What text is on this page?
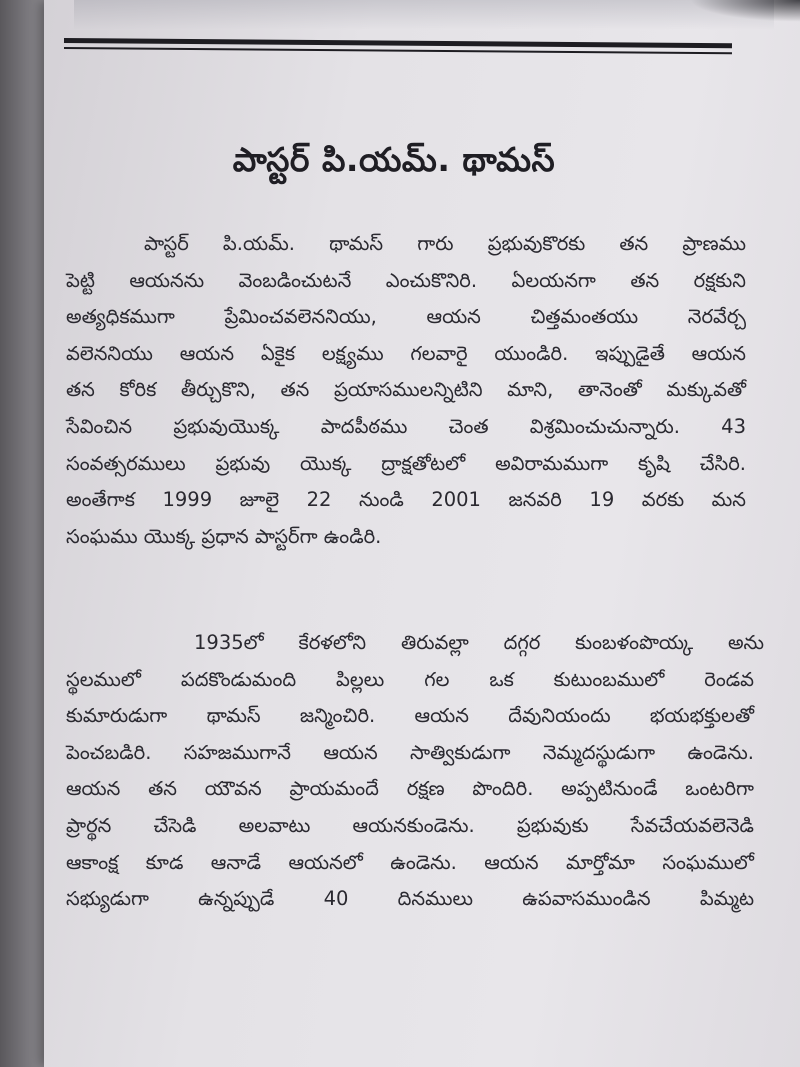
పాస్టర్ పి.యమ్. థామస్
పాస్టర్ పి.యమ్. థామస్ గారు ప్రభువుకొరకు తన ప్రాణము
పెట్టి ఆయనను వెంబడించుటనే ఎంచుకొనిరి. ఏలయనగా తన రక్షకుని
అత్యధికముగా ప్రేమించవలెననియు, ఆయన చిత్తమంతయు నెరవేర్చ
వలెననియు ఆయన ఏకైక లక్ష్యము గలవారై యుండిరి. ఇప్పుడైతే ఆయన
తన కోరిక తీర్చుకొని, తన ప్రయాసములన్నిటిని మాని, తానెంతో మక్కువతో
సేవించిన ప్రభువుయొక్క పాదపీఠము చెంత విశ్రమించుచున్నారు. 43
సంవత్సరములు ప్రభువు యొక్క ద్రాక్షతోటలో అవిరామముగా కృషి చేసిరి.
అంతేగాక 1999 జూలై 22 నుండి 2001 జనవరి 19 వరకు మన
సంఘము యొక్క ప్రధాన పాస్టర్‌గా ఉండిరి.
1935లో కేరళలోని తిరువల్లా దగ్గర కుంబళంపొయ్క అను
స్థలములో పదకొండుమంది పిల్లలు గల ఒక కుటుంబములో రెండవ
కుమారుడుగా థామస్ జన్మించిరి. ఆయన దేవునియందు భయభక్తులతో
పెంచబడిరి. సహజముగానే ఆయన సాత్వికుడుగా నెమ్మదస్థుడుగా ఉండెను.
ఆయన తన యౌవన ప్రాయమందే రక్షణ పొందిరి. అప్పటినుండే ఒంటరిగా
ప్రార్థన చేసెడి అలవాటు ఆయనకుండెను. ప్రభువుకు సేవచేయవలెనెడి
ఆకాంక్ష కూడ ఆనాడే ఆయనలో ఉండెను. ఆయన మార్తోమా సంఘములో
సభ్యుడుగా ఉన్నప్పుడే 40 దినములు ఉపవాసముండిన పిమ్మట
